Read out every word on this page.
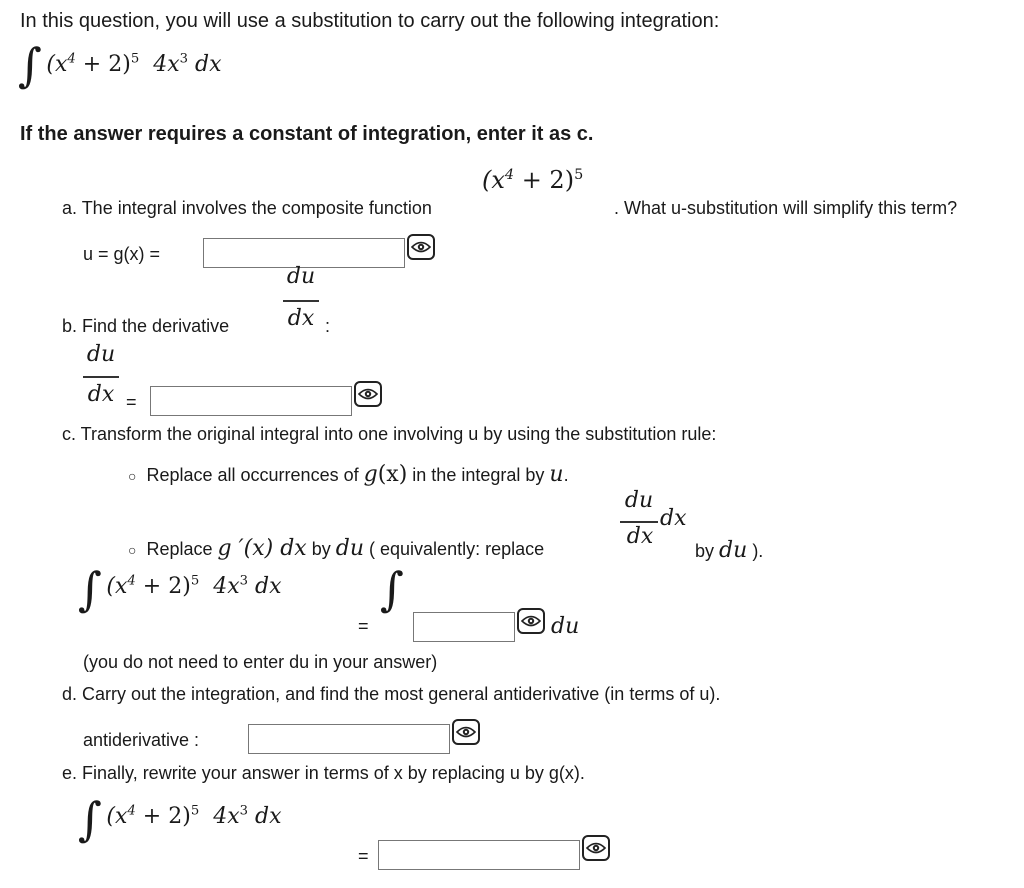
In this question, you will use a substitution to carry out the following integration:
∫ $(x^4 + 2)^5$ $4x^3$ dx
If the answer requires a constant of integration, enter it as c.
a. The integral involves the composite function
$(x^4 + 2)^5$
. What u-substitution will simplify this term?
u = g(x) =
du
b. Find the derivative	dx :
du
dx =
c. Transform the original integral into one involving u by using the substitution rule:
○ Replace all occurrences of g(x) in the integral by u.
du
dx
○ Replace g ′(x) dx by du ( equivalently: replace	dx
by du ).
∫ $(x^4 + 2)^5$ $4x^3$ dx
=
∫
du
(you do not need to enter du in your answer)
d. Carry out the integration, and find the most general antiderivative (in terms of u).
antiderivative :
e. Finally, rewrite your answer in terms of x by replacing u by g(x).
∫ $(x^4 + 2)^5$ $4x^3$ dx
=
